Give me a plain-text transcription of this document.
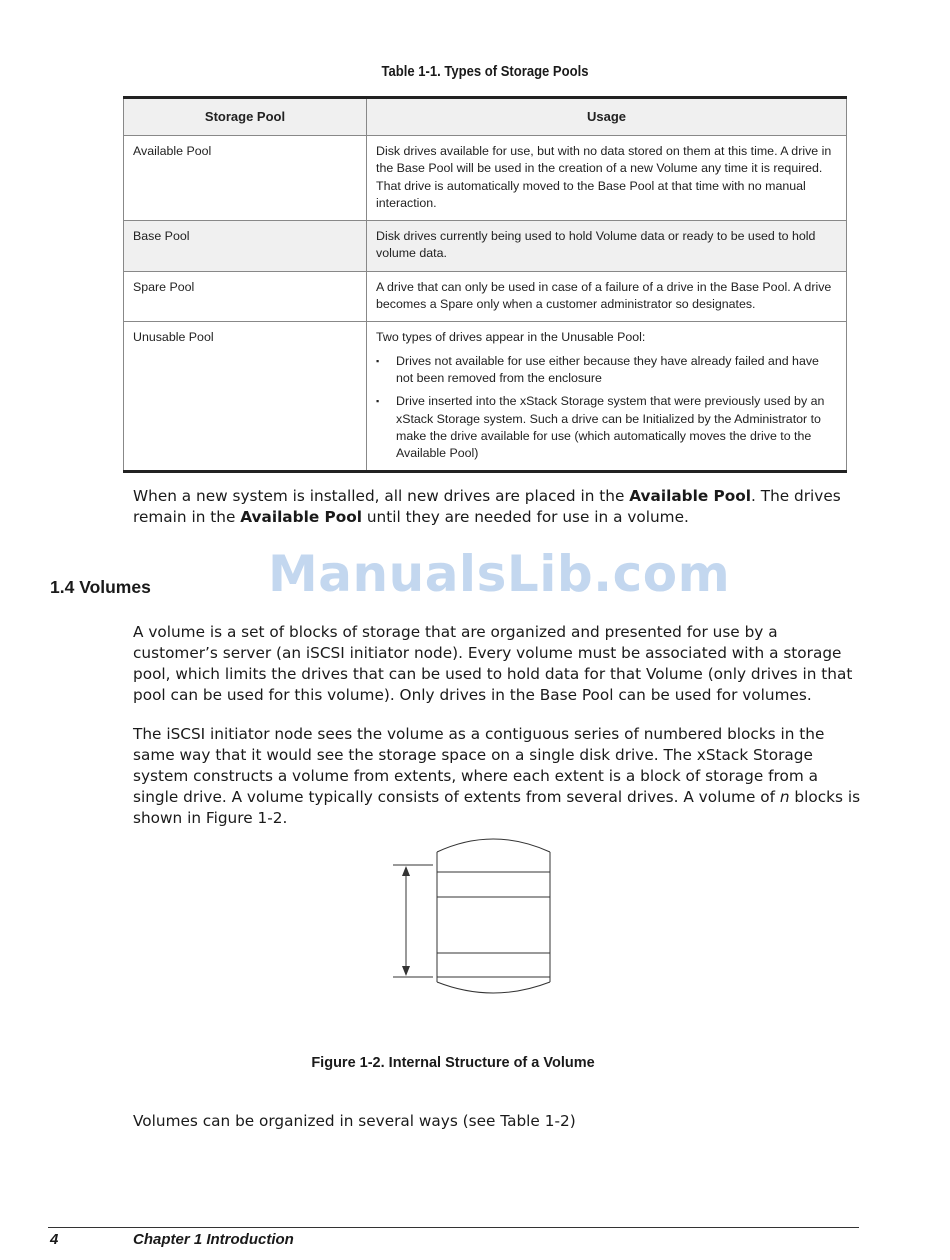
Table 1-1. Types of Storage Pools
Storage Pool	Usage
Available Pool	Disk drives available for use, but with no data stored on them at this time. A drive in the Base Pool will be used in the creation of a new Volume any time it is required. That drive is automatically moved to the Base Pool at that time with no manual interaction.
Base Pool	Disk drives currently being used to hold Volume data or ready to be used to hold volume data.
Spare Pool	A drive that can only be used in case of a failure of a drive in the Base Pool. A drive becomes a Spare only when a customer administrator so designates.
Unusable Pool	Two types of drives appear in the Unusable Pool:
▪ Drives not available for use either because they have already failed and have not been removed from the enclosure
▪ Drive inserted into the xStack Storage system that were previously used by an xStack Storage system. Such a drive can be Initialized by the Administrator to make the drive available for use (which automatically moves the drive to the Available Pool)
When a new system is installed, all new drives are placed in the Available Pool. The drives remain in the Available Pool until they are needed for use in a volume.
ManualsLib.com
1.4 Volumes
A volume is a set of blocks of storage that are organized and presented for use by a customer’s server (an iSCSI initiator node). Every volume must be associated with a storage pool, which limits the drives that can be used to hold data for that Volume (only drives in that pool can be used for this volume). Only drives in the Base Pool can be used for volumes.
The iSCSI initiator node sees the volume as a contiguous series of numbered blocks in the same way that it would see the storage space on a single disk drive. The xStack Storage system constructs a volume from extents, where each extent is a block of storage from a single drive. A volume typically consists of extents from several drives. A volume of n blocks is shown in Figure 1-2.
Figure 1-2. Internal Structure of a Volume
Volumes can be organized in several ways (see Table 1-2)
4	Chapter 1 Introduction
